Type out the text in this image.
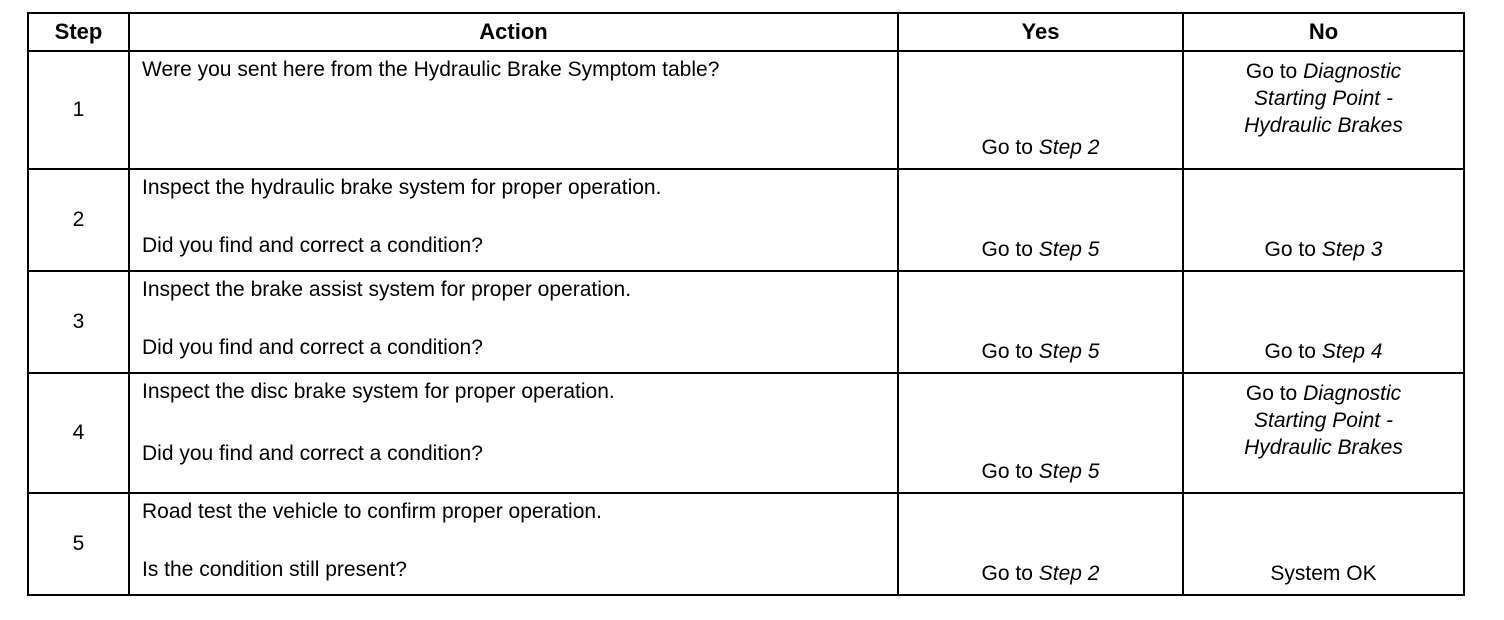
Step	Action	Yes	No

1	Were you sent here from the Hydraulic Brake Symptom table?	Go to Step 2	Go to Diagnostic
Starting Point -
Hydraulic Brakes

2	Inspect the hydraulic brake system for proper operation.
Did you find and correct a condition?	Go to Step 5	Go to Step 3

3	Inspect the brake assist system for proper operation.
Did you find and correct a condition?	Go to Step 5	Go to Step 4

4	Inspect the disc brake system for proper operation.
Did you find and correct a condition?	Go to Step 5	Go to Diagnostic
Starting Point -
Hydraulic Brakes

5	Road test the vehicle to confirm proper operation.
Is the condition still present?	Go to Step 2	System OK
